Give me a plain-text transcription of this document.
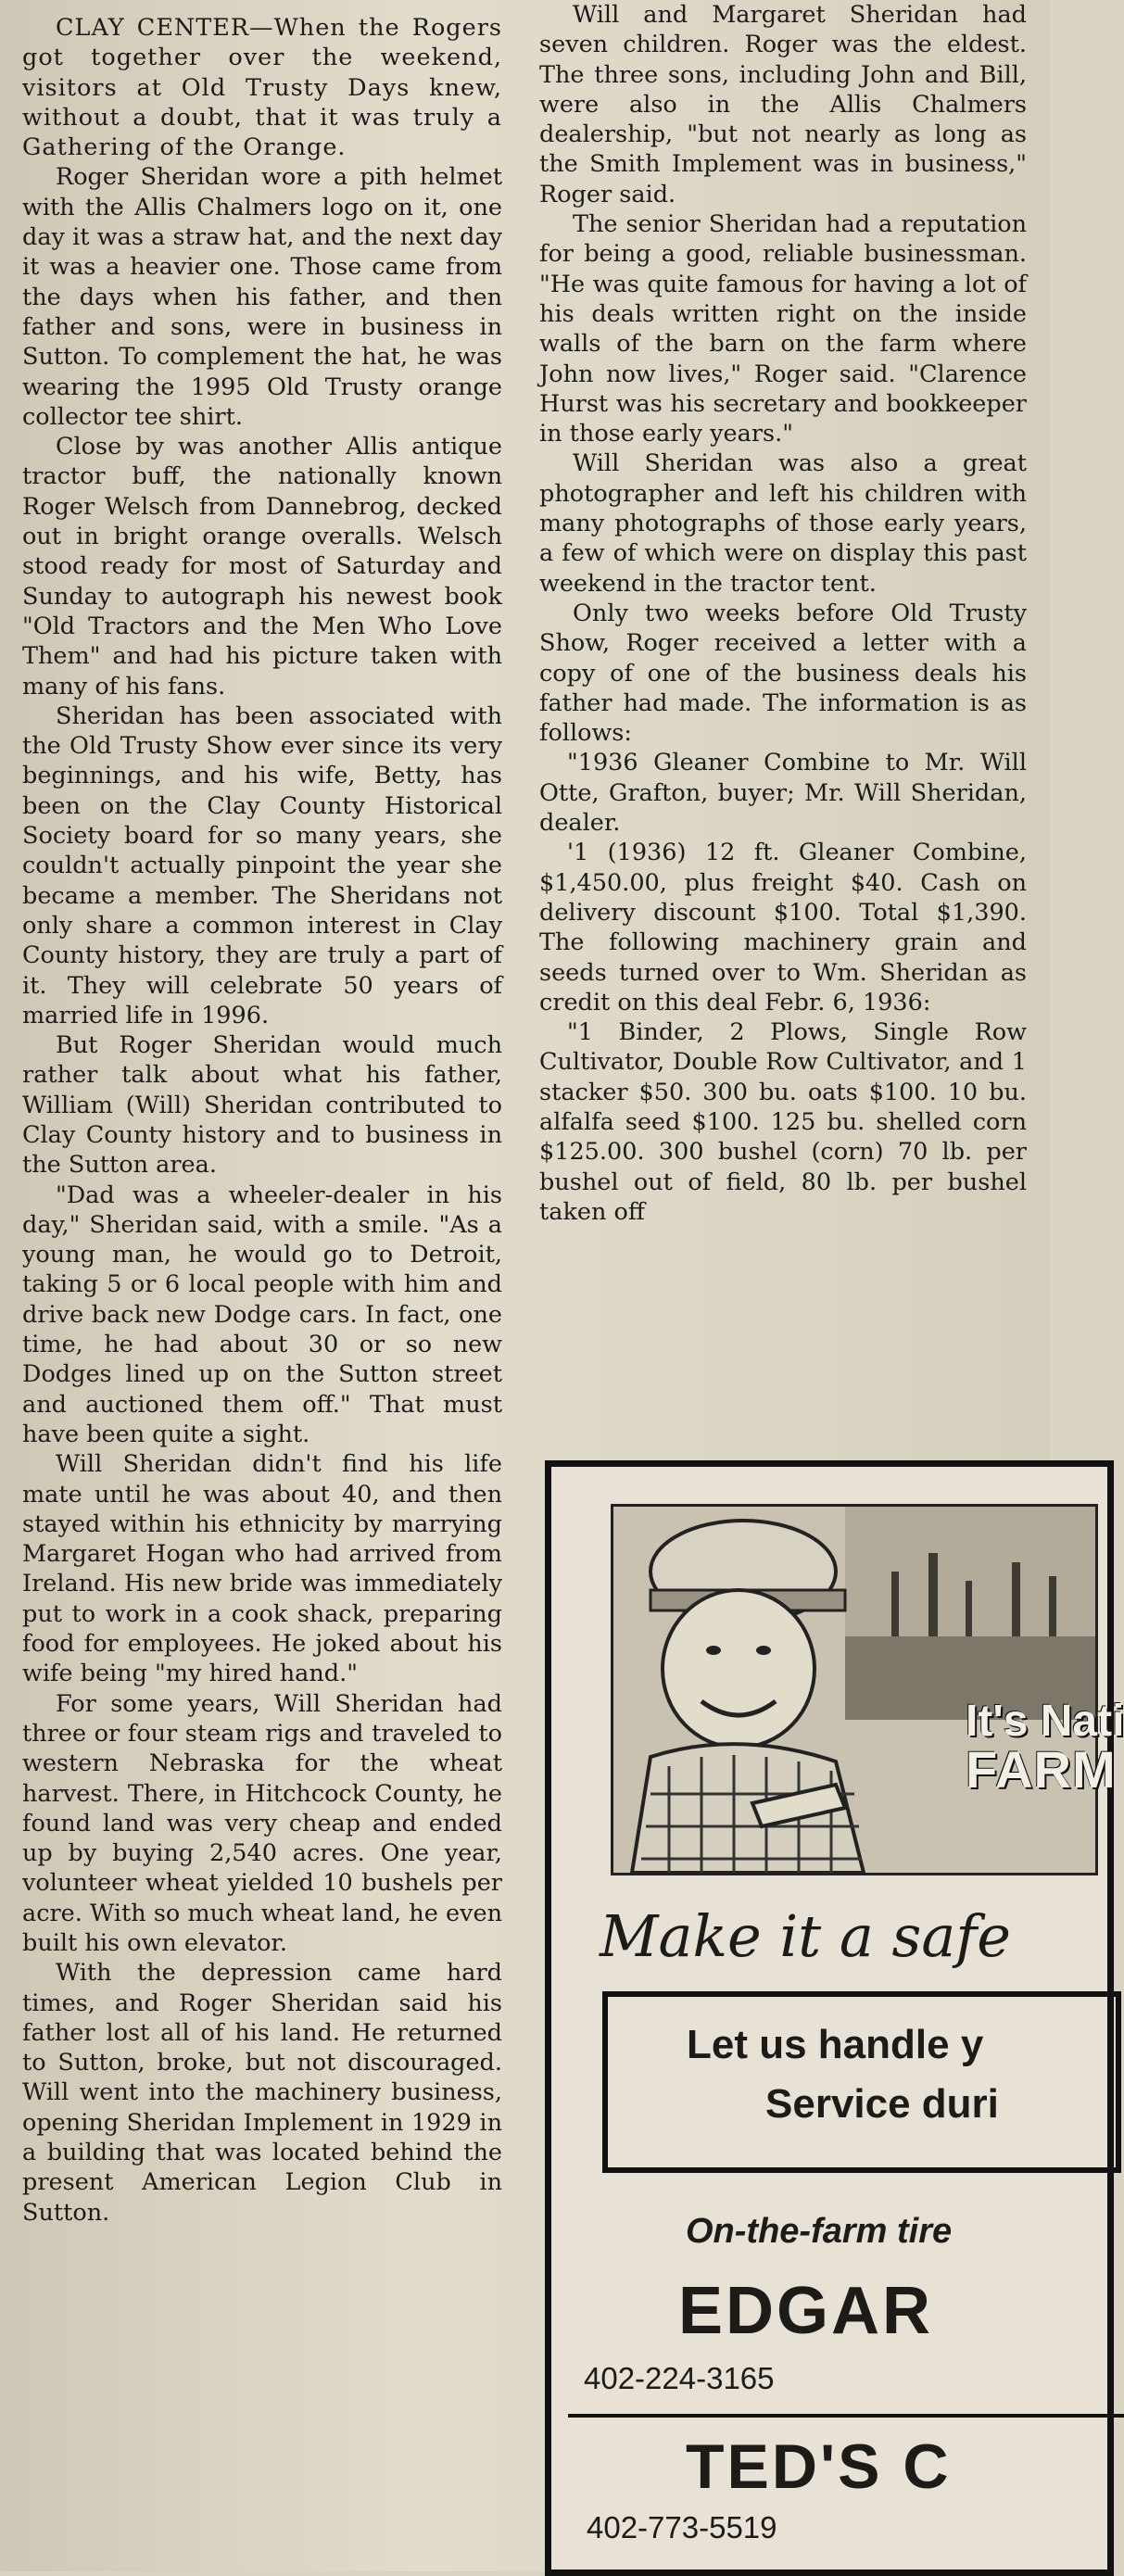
CLAY CENTER—When the Rogers got together over the weekend, visitors at Old Trusty Days knew, without a doubt, that it was truly a Gathering of the Orange.

Roger Sheridan wore a pith helmet with the Allis Chalmers logo on it, one day it was a straw hat, and the next day it was a heavier one. Those came from the days when his father, and then father and sons, were in business in Sutton. To complement the hat, he was wearing the 1995 Old Trusty orange collector tee shirt.

Close by was another Allis antique tractor buff, the nationally known Roger Welsch from Dannebrog, decked out in bright orange overalls. Welsch stood ready for most of Saturday and Sunday to autograph his newest book "Old Tractors and the Men Who Love Them" and had his picture taken with many of his fans.

Sheridan has been associated with the Old Trusty Show ever since its very beginnings, and his wife, Betty, has been on the Clay County Historical Society board for so many years, she couldn't actually pinpoint the year she became a member. The Sheridans not only share a common interest in Clay County history, they are truly a part of it. They will celebrate 50 years of married life in 1996.

But Roger Sheridan would much rather talk about what his father, William (Will) Sheridan contributed to Clay County history and to business in the Sutton area.

"Dad was a wheeler-dealer in his day," Sheridan said, with a smile. "As a young man, he would go to Detroit, taking 5 or 6 local people with him and drive back new Dodge cars. In fact, one time, he had about 30 or so new Dodges lined up on the Sutton street and auctioned them off." That must have been quite a sight.

Will Sheridan didn't find his life mate until he was about 40, and then stayed within his ethnicity by marrying Margaret Hogan who had arrived from Ireland. His new bride was immediately put to work in a cook shack, preparing food for employees. He joked about his wife being "my hired hand."

For some years, Will Sheridan had three or four steam rigs and traveled to western Nebraska for the wheat harvest. There, in Hitchcock County, he found land was very cheap and ended up by buying 2,540 acres. One year, volunteer wheat yielded 10 bushels per acre. With so much wheat land, he even built his own elevator.

With the depression came hard times, and Roger Sheridan said his father lost all of his land. He returned to Sutton, broke, but not discouraged. Will went into the machinery business, opening Sheridan Implement in 1929 in a building that was located behind the present American Legion Club in Sutton.

Will and Margaret Sheridan had seven children. Roger was the eldest. The three sons, including John and Bill, were also in the Allis Chalmers dealership, "but not nearly as long as the Smith Implement was in business," Roger said.

The senior Sheridan had a reputation for being a good, reliable businessman. "He was quite famous for having a lot of his deals written right on the inside walls of the barn on the farm where John now lives," Roger said. "Clarence Hurst was his secretary and bookkeeper in those early years."

Will Sheridan was also a great photographer and left his children with many photographs of those early years, a few of which were on display this past weekend in the tractor tent.

Only two weeks before Old Trusty Show, Roger received a letter with a copy of one of the business deals his father had made. The information is as follows:

"1936 Gleaner Combine to Mr. Will Otte, Grafton, buyer; Mr. Will Sheridan, dealer.

'1 (1936) 12 ft. Gleaner Combine, $1,450.00, plus freight $40. Cash on delivery discount $100. Total $1,390. The following machinery grain and seeds turned over to Wm. Sheridan as credit on this deal Febr. 6, 1936:

"1 Binder, 2 Plows, Single Row Cultivator, Double Row Cultivator, and 1 stacker $50. 300 bu. oats $100. 10 bu. alfalfa seed $100. 125 bu. shelled corn $125.00. 300 bushel (corn) 70 lb. per bushel out of field, 80 lb. per bushel taken off

It's Nati
FARM
Make it a safe
Let us handle y
Service duri
On-the-farm tire
EDGAR
402-224-3165
TED'S C
402-773-5519
